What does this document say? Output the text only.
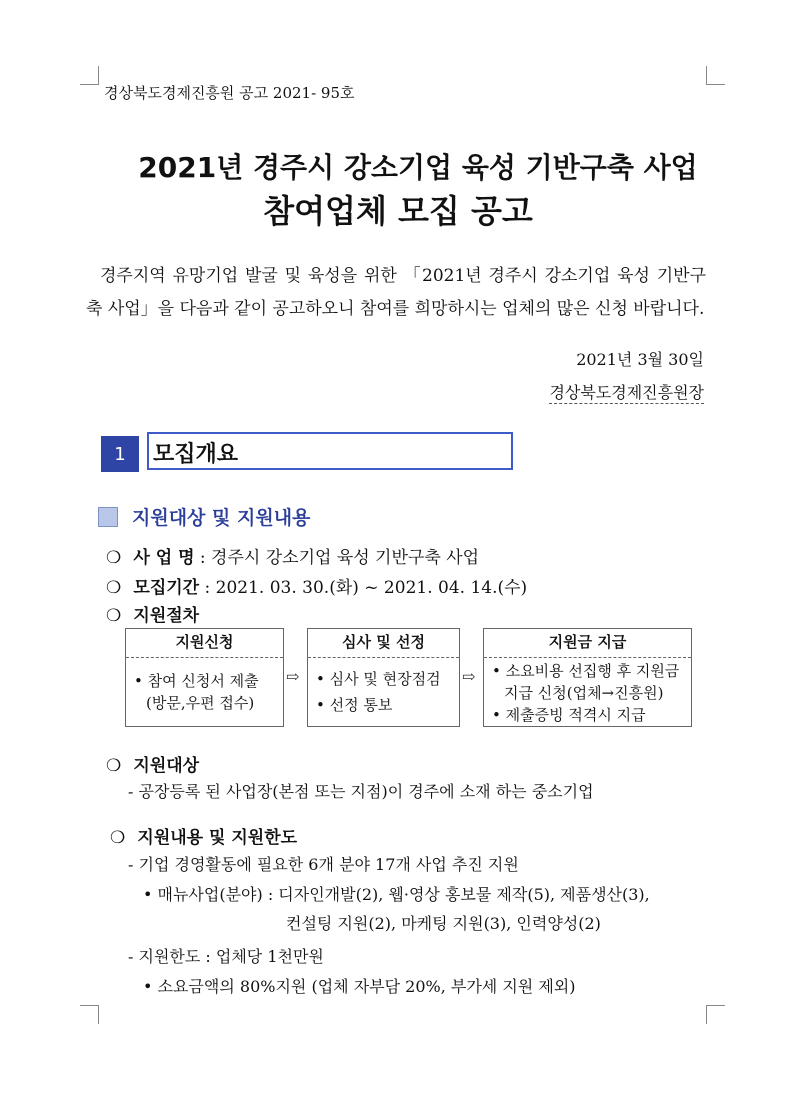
경상북도경제진흥원 공고 2021- 95호
2021년 경주시 강소기업 육성 기반구축 사업
참여업체 모집 공고
경주지역 유망기업 발굴 및 육성을 위한 「2021년 경주시 강소기업 육성 기반구축 사업」을 다음과 같이 공고하오니 참여를 희망하시는 업체의 많은 신청 바랍니다.
2021년 3월 30일
경상북도경제진흥원장
1	모집개요
지원대상 및 지원내용
❍ 사 업 명 : 경주시 강소기업 육성 기반구축 사업
❍ 모집기간 : 2021. 03. 30.(화) ~ 2021. 04. 14.(수)
❍ 지원절차
지원신청
• 참여 신청서 제출
(방문,우편 접수)
⇨
심사 및 선정
• 심사 및 현장점검
• 선정 통보
⇨
지원금 지급
• 소요비용 선집행 후 지원금
지급 신청(업체→진흥원)
• 제출증빙 적격시 지급
❍ 지원대상
- 공장등록 된 사업장(본점 또는 지점)이 경주에 소재 하는 중소기업
❍ 지원내용 및 지원한도
- 기업 경영활동에 필요한 6개 분야 17개 사업 추진 지원
• 매뉴사업(분야) : 디자인개발(2), 웹·영상 홍보물 제작(5), 제품생산(3),
컨설팅 지원(2), 마케팅 지원(3), 인력양성(2)
- 지원한도 : 업체당 1천만원
• 소요금액의 80%지원 (업체 자부담 20%, 부가세 지원 제외)
